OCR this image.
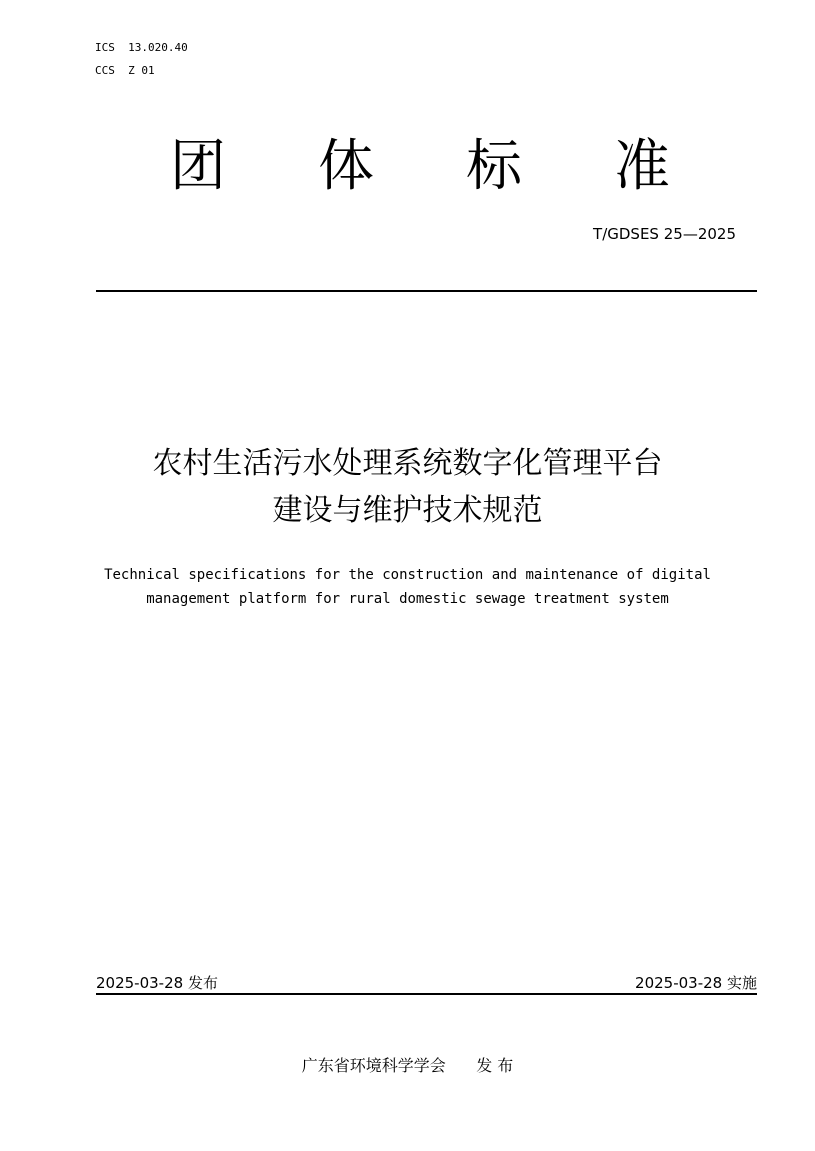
ICS  13.020.40
CCS  Z 01
团 体 标 准
T/GDSES 25—2025
农村生活污水处理系统数字化管理平台
建设与维护技术规范
Technical specifications for the construction and maintenance of digital
management platform for rural domestic sewage treatment system
2025-03-28 发布	2025-03-28 实施
广东省环境科学学会 发 布
